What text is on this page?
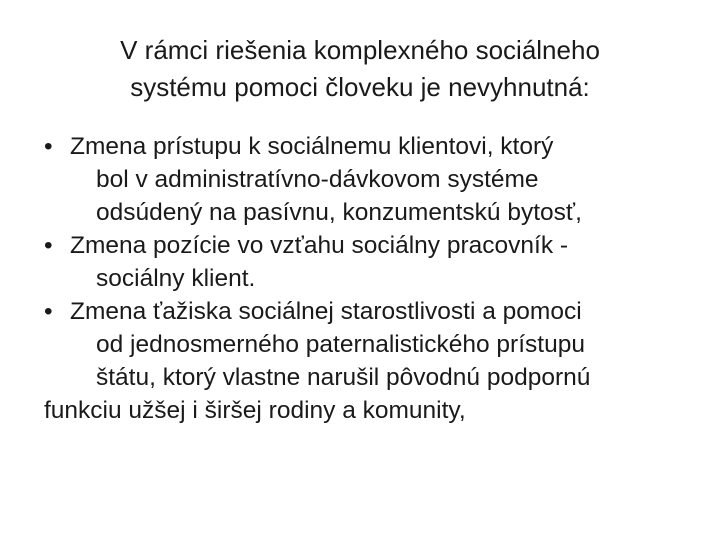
V rámci riešenia komplexného sociálneho
systému pomoci človeku je nevyhnutná:
• Zmena prístupu k sociálnemu klientovi, ktorý
bol v administratívno-dávkovom systéme
odsúdený na pasívnu, konzumentskú bytosť,
• Zmena pozície vo vzťahu sociálny pracovník -
sociálny klient.
• Zmena ťažiska sociálnej starostlivosti a pomoci
od jednosmerného paternalistického prístupu
štátu, ktorý vlastne narušil pôvodnú podpornú
funkciu užšej i širšej rodiny a komunity,
